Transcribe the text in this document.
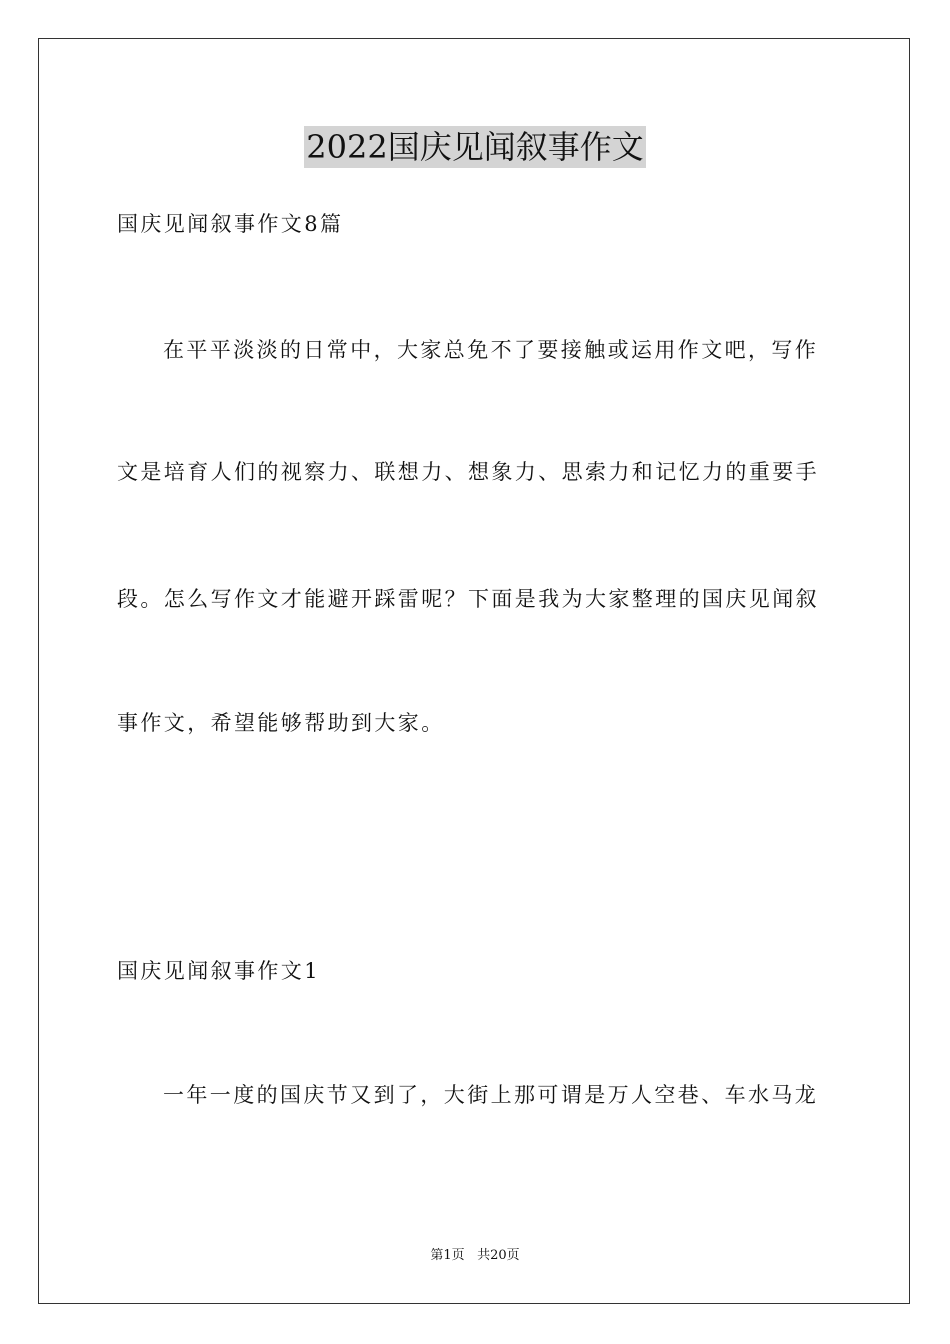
2022国庆见闻叙事作文
国庆见闻叙事作文8篇
在平平淡淡的日常中，大家总免不了要接触或运用作文吧，写作
文是培育人们的视察力、联想力、想象力、思索力和记忆力的重要手
段。怎么写作文才能避开踩雷呢？下面是我为大家整理的国庆见闻叙
事作文，希望能够帮助到大家。
国庆见闻叙事作文1
一年一度的国庆节又到了，大街上那可谓是万人空巷、车水马龙
第1页 共20页
